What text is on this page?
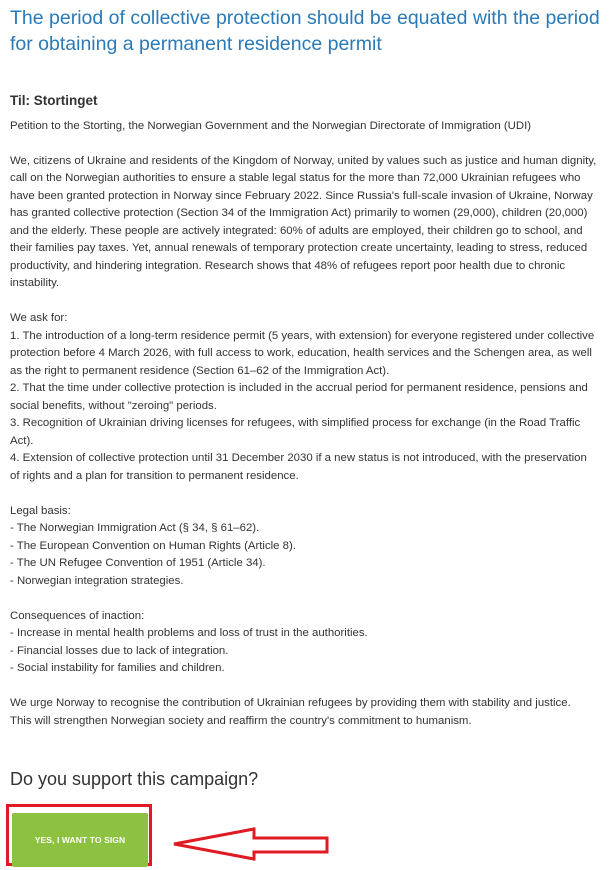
The period of collective protection should be equated with the period for obtaining a permanent residence permit
Til: Stortinget

Petition to the Storting, the Norwegian Government and the Norwegian Directorate of Immigration (UDI)

We, citizens of Ukraine and residents of the Kingdom of Norway, united by values such as justice and human dignity,

call on the Norwegian authorities to ensure a stable legal status for the more than 72,000 Ukrainian refugees who

have been granted protection in Norway since February 2022. Since Russia's full-scale invasion of Ukraine, Norway

has granted collective protection (Section 34 of the Immigration Act) primarily to women (29,000), children (20,000)

and the elderly. These people are actively integrated: 60% of adults are employed, their children go to school, and

their families pay taxes. Yet, annual renewals of temporary protection create uncertainty, leading to stress, reduced

productivity, and hindering integration. Research shows that 48% of refugees report poor health due to chronic

instability.

We ask for:

1. The introduction of a long-term residence permit (5 years, with extension) for everyone registered under collective

protection before 4 March 2026, with full access to work, education, health services and the Schengen area, as well

as the right to permanent residence (Section 61–62 of the Immigration Act).

2. That the time under collective protection is included in the accrual period for permanent residence, pensions and

social benefits, without "zeroing" periods.

3. Recognition of Ukrainian driving licenses for refugees, with simplified process for exchange (in the Road Traffic

Act).

4. Extension of collective protection until 31 December 2030 if a new status is not introduced, with the preservation

of rights and a plan for transition to permanent residence.

Legal basis:

- The Norwegian Immigration Act (§ 34, § 61–62).

- The European Convention on Human Rights (Article 8).

- The UN Refugee Convention of 1951 (Article 34).

- Norwegian integration strategies.

Consequences of inaction:

- Increase in mental health problems and loss of trust in the authorities.

- Financial losses due to lack of integration.

- Social instability for families and children.

We urge Norway to recognise the contribution of Ukrainian refugees by providing them with stability and justice.

This will strengthen Norwegian society and reaffirm the country's commitment to humanism.

Do you support this campaign?
YES, I WANT TO SIGN
